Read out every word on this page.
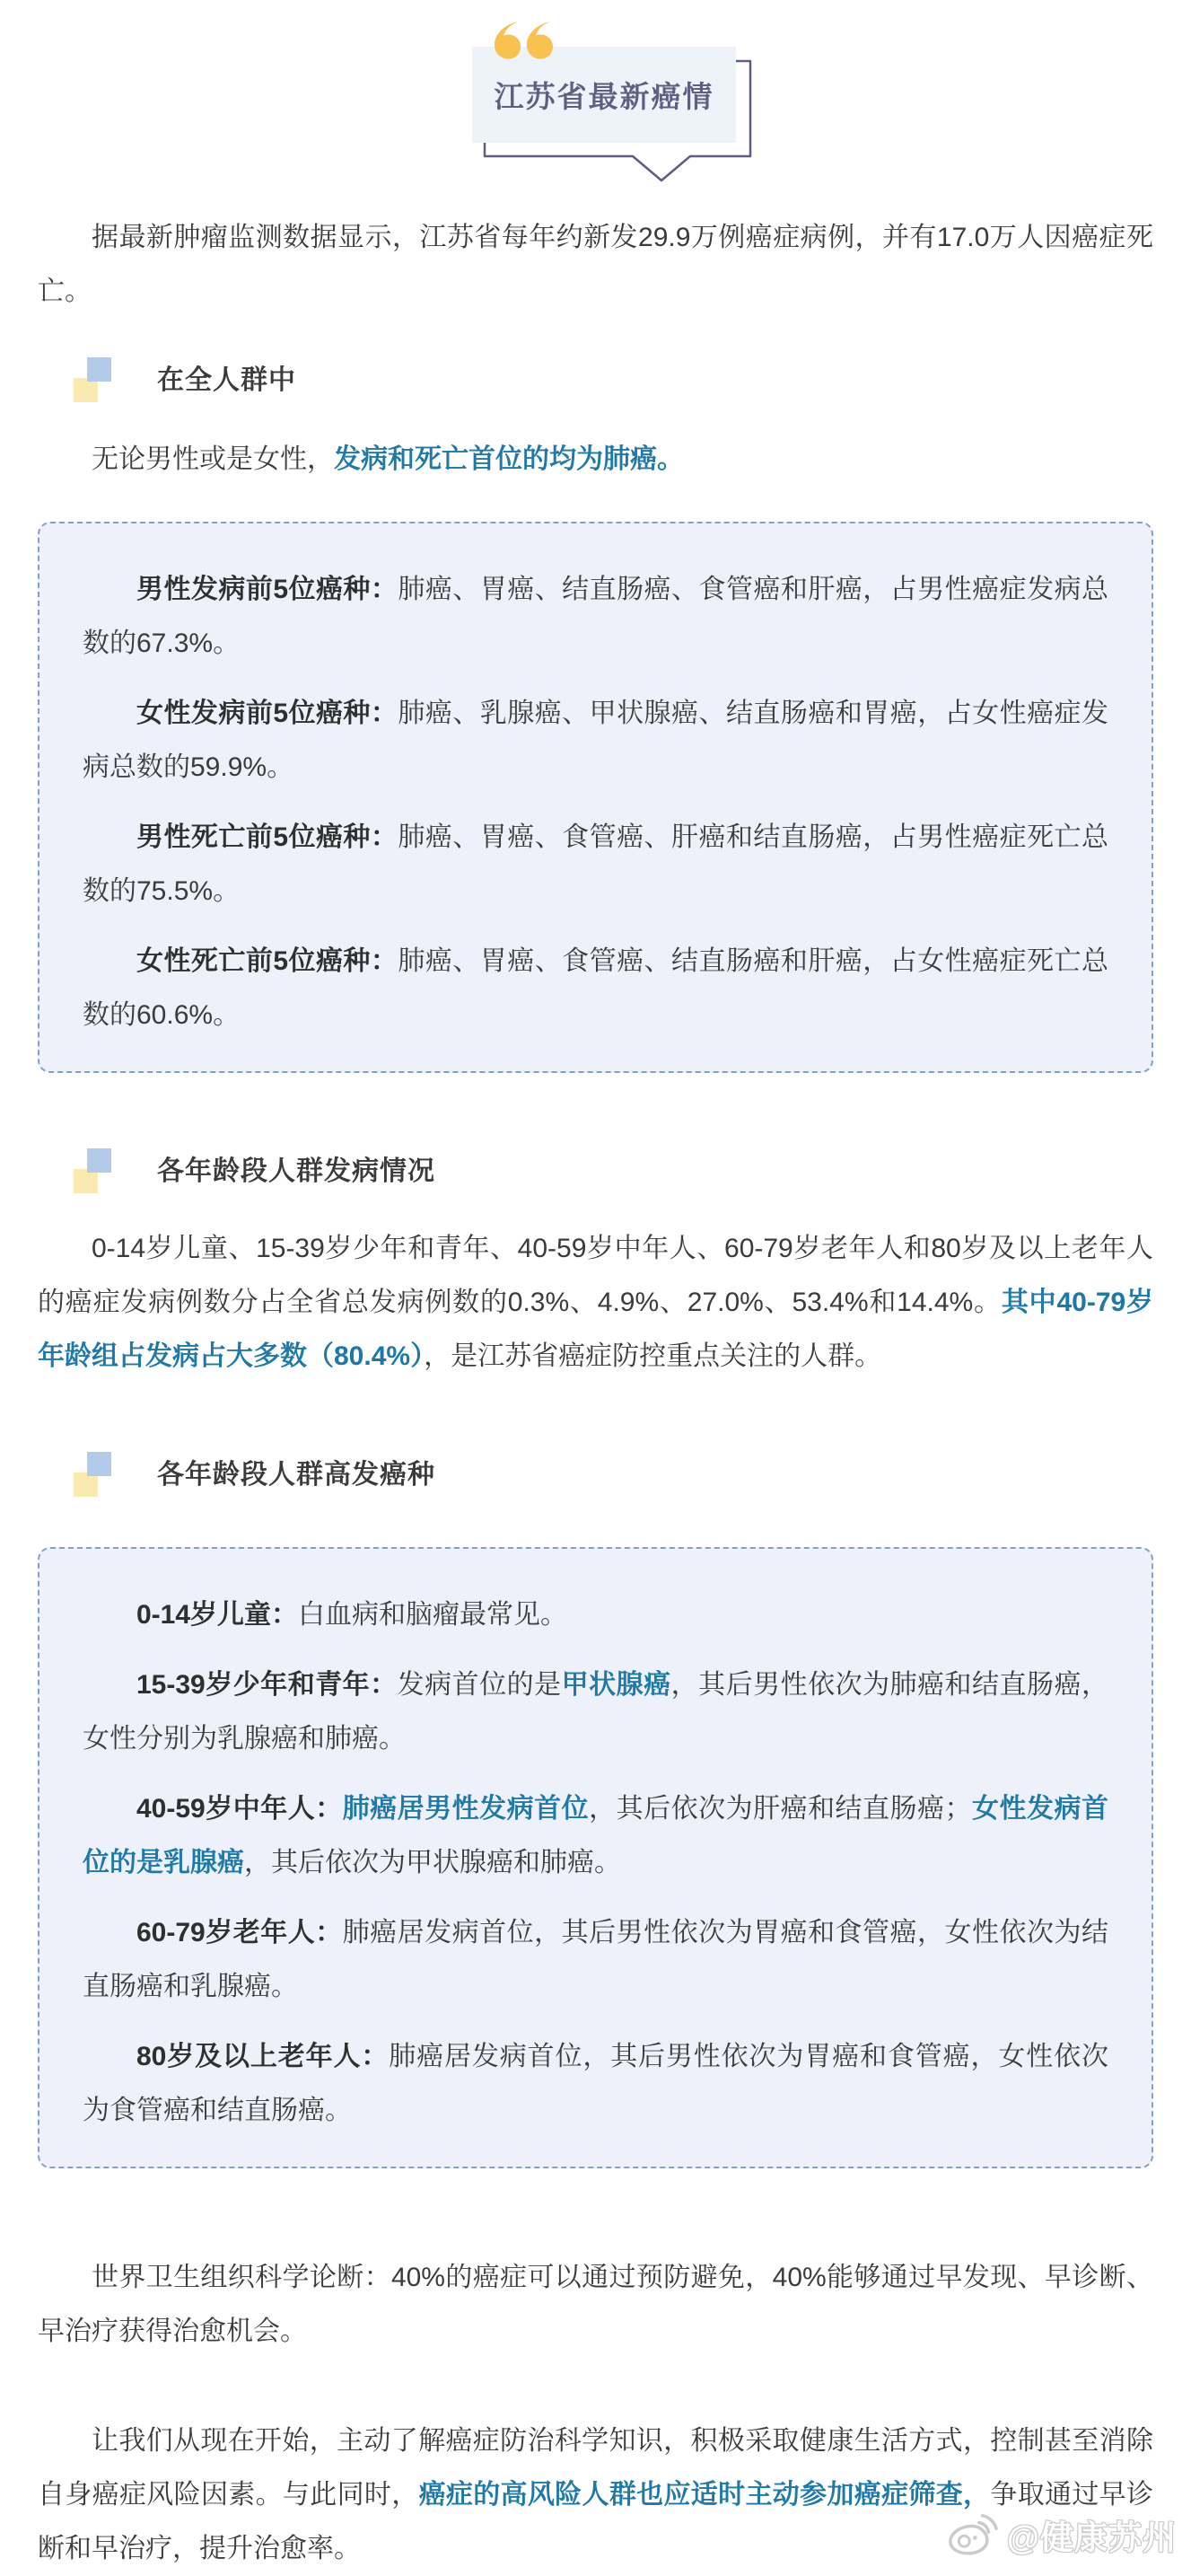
江苏省最新癌情

据最新肿瘤监测数据显示，江苏省每年约新发29.9万例癌症病例，并有17.0万人因癌症死亡。

在全人群中

无论男性或是女性，发病和死亡首位的均为肺癌。

男性发病前5位癌种：肺癌、胃癌、结直肠癌、食管癌和肝癌，占男性癌症发病总数的67.3%。

女性发病前5位癌种：肺癌、乳腺癌、甲状腺癌、结直肠癌和胃癌，占女性癌症发病总数的59.9%。

男性死亡前5位癌种：肺癌、胃癌、食管癌、肝癌和结直肠癌，占男性癌症死亡总数的75.5%。

女性死亡前5位癌种：肺癌、胃癌、食管癌、结直肠癌和肝癌，占女性癌症死亡总数的60.6%。

各年龄段人群发病情况

0-14岁儿童、15-39岁少年和青年、40-59岁中年人、60-79岁老年人和80岁及以上老年人的癌症发病例数分占全省总发病例数的0.3%、4.9%、27.0%、53.4%和14.4%。其中40-79岁年龄组占发病占大多数（80.4%），是江苏省癌症防控重点关注的人群。

各年龄段人群高发癌种

0-14岁儿童：白血病和脑瘤最常见。

15-39岁少年和青年：发病首位的是甲状腺癌，其后男性依次为肺癌和结直肠癌，女性分别为乳腺癌和肺癌。

40-59岁中年人：肺癌居男性发病首位，其后依次为肝癌和结直肠癌；女性发病首位的是乳腺癌，其后依次为甲状腺癌和肺癌。

60-79岁老年人：肺癌居发病首位，其后男性依次为胃癌和食管癌，女性依次为结直肠癌和乳腺癌。

80岁及以上老年人：肺癌居发病首位，其后男性依次为胃癌和食管癌，女性依次为食管癌和结直肠癌。

世界卫生组织科学论断：40%的癌症可以通过预防避免，40%能够通过早发现、早诊断、早治疗获得治愈机会。

让我们从现在开始，主动了解癌症防治科学知识，积极采取健康生活方式，控制甚至消除自身癌症风险因素。与此同时，癌症的高风险人群也应适时主动参加癌症筛查，争取通过早诊断和早治疗，提升治愈率。	@健康苏州
